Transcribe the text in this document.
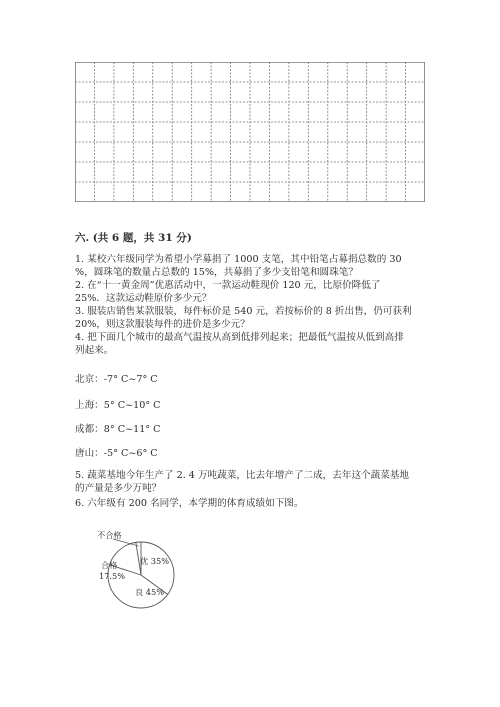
六. (共 6 题，共 31 分)
1. 某校六年级同学为希望小学募捐了 1000 支笔，其中铅笔占募捐总数的 30
%，圆珠笔的数量占总数的 15%，共募捐了多少支铅笔和圆珠笔？
2. 在“十一黄金周”优惠活动中，一款运动鞋现价 120 元，比原价降低了
25%．这款运动鞋原价多少元？
3. 服装店销售某款服装，每件标价是 540 元，若按标价的 8 折出售，仍可获利
20%，则这款服装每件的进价是多少元？
4. 把下面几个城市的最高气温按从高到低排列起来；把最低气温按从低到高排
列起来。
北京：-7° C~7° C
上海：5° C~10° C
成都：8° C~11° C
唐山：-5° C~6° C
5. 蔬菜基地今年生产了 2. 4 万吨蔬菜，比去年增产了二成，去年这个蔬菜基地
的产量是多少万吨？
6. 六年级有 200 名同学，本学期的体育成绩如下图。
不合格
合格
17.5%
优 35%
良 45%
